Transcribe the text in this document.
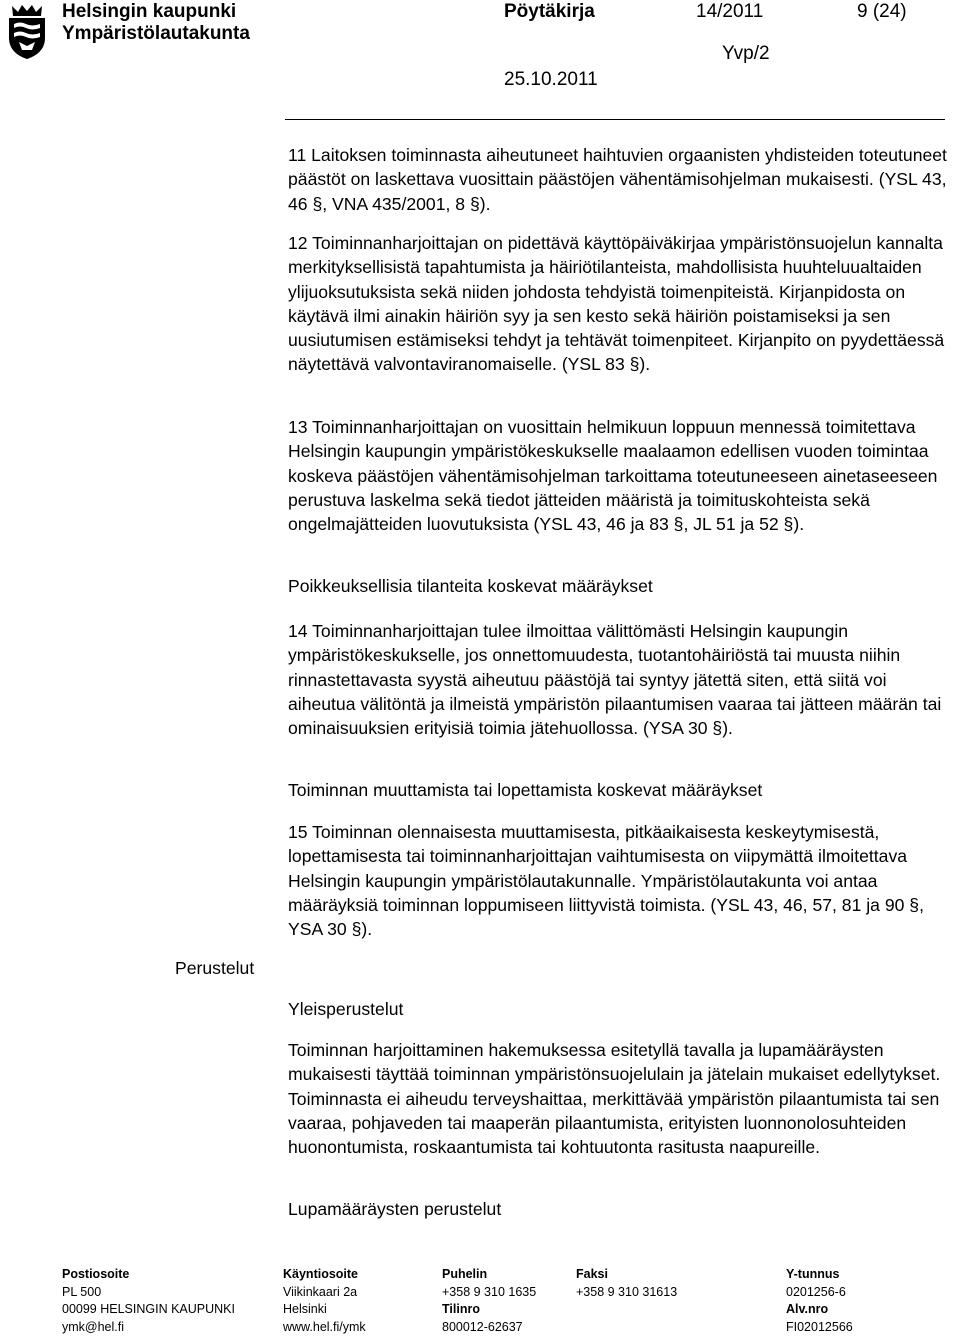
Helsingin kaupunki
Ympäristölautakunta
Pöytäkirja	14/2011	9 (24)
Yvp/2
25.10.2011

11 Laitoksen toiminnasta aiheutuneet haihtuvien orgaanisten yhdisteiden toteutuneet päästöt on laskettava vuosittain päästöjen vähentämisohjelman mukaisesti. (YSL 43, 46 §, VNA 435/2001, 8 §).

12 Toiminnanharjoittajan on pidettävä käyttöpäiväkirjaa ympäristönsuojelun kannalta merkityksellisistä tapahtumista ja häiriötilanteista, mahdollisista huuhteluualtaiden ylijuoksutuksista sekä niiden johdosta tehdyistä toimenpiteistä. Kirjanpidosta on käytävä ilmi ainakin häiriön syy ja sen kesto sekä häiriön poistamiseksi ja sen uusiutumisen estämiseksi tehdyt ja tehtävät toimenpiteet. Kirjanpito on pyydettäessä näytettävä valvontaviranomaiselle. (YSL 83 §).

13 Toiminnanharjoittajan on vuosittain helmikuun loppuun mennessä toimitettava Helsingin kaupungin ympäristökeskukselle maalaamon edellisen vuoden toimintaa koskeva päästöjen vähentämisohjelman tarkoittama toteutuneeseen ainetaseeseen perustuva laskelma sekä tiedot jätteiden määristä ja toimituskohteista sekä ongelmajätteiden luovutuksista (YSL 43, 46 ja 83 §, JL 51 ja 52 §).

Poikkeuksellisia tilanteita koskevat määräykset

14 Toiminnanharjoittajan tulee ilmoittaa välittömästi Helsingin kaupungin ympäristökeskukselle, jos onnettomuudesta, tuotantohäiriöstä tai muusta niihin rinnastettavasta syystä aiheutuu päästöjä tai syntyy jätettä siten, että siitä voi aiheutua välitöntä ja ilmeistä ympäristön pilaantumisen vaaraa tai jätteen määrän tai ominaisuuksien erityisiä toimia jätehuollossa. (YSA 30 §).

Toiminnan muuttamista tai lopettamista koskevat määräykset

15 Toiminnan olennaisesta muuttamisesta, pitkäaikaisesta keskeytymisestä, lopettamisesta tai toiminnanharjoittajan vaihtumisesta on viipymättä ilmoitettava Helsingin kaupungin ympäristölautakunnalle. Ympäristölautakunta voi antaa määräyksiä toiminnan loppumiseen liittyvistä toimista. (YSL 43, 46, 57, 81 ja 90 §, YSA 30 §).

Yleisperustelut

Toiminnan harjoittaminen hakemuksessa esitetyllä tavalla ja lupamääräysten mukaisesti täyttää toiminnan ympäristönsuojelulain ja jätelain mukaiset edellytykset. Toiminnasta ei aiheudu terveyshaittaa, merkittävää ympäristön pilaantumista tai sen vaaraa, pohjaveden tai maaperän pilaantumista, erityisten luonnonolosuhteiden huonontumista, roskaantumista tai kohtuutonta rasitusta naapureille.

Lupamääräysten perustelut

Perustelut
Postiosoite
PL 500
00099 HELSINGIN KAUPUNKI
ymk@hel.fi
Käyntiosoite
Viikinkaari 2a
Helsinki
www.hel.fi/ymk
Puhelin
+358 9 310 1635
Tilinro
800012-62637
Faksi
+358 9 310 31613
Y-tunnus
0201256-6
Alv.nro
FI02012566
